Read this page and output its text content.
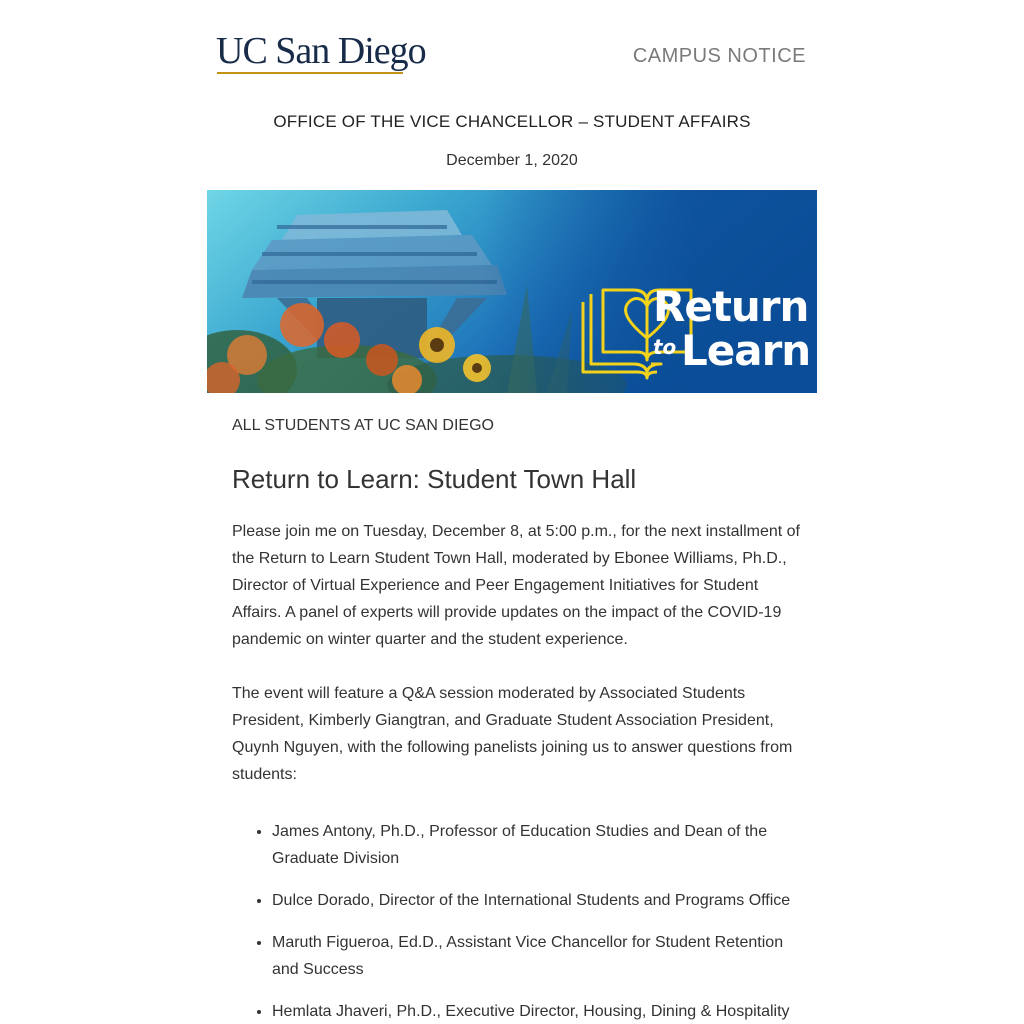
UC San Diego	CAMPUS NOTICE
OFFICE OF THE VICE CHANCELLOR – STUDENT AFFAIRS
December 1, 2020
Return
to Learn
ALL STUDENTS AT UC SAN DIEGO
Return to Learn: Student Town Hall

Please join me on Tuesday, December 8, at 5:00 p.m., for the next installment of the Return to Learn Student Town Hall, moderated by Ebonee Williams, Ph.D., Director of Virtual Experience and Peer Engagement Initiatives for Student Affairs. A panel of experts will provide updates on the impact of the COVID-19 pandemic on winter quarter and the student experience.

The event will feature a Q&A session moderated by Associated Students President, Kimberly Giangtran, and Graduate Student Association President, Quynh Nguyen, with the following panelists joining us to answer questions from students:

• James Antony, Ph.D., Professor of Education Studies and Dean of the Graduate Division
• Dulce Dorado, Director of the International Students and Programs Office
• Maruth Figueroa, Ed.D., Assistant Vice Chancellor for Student Retention and Success
• Hemlata Jhaveri, Ph.D., Executive Director, Housing, Dining & Hospitality
